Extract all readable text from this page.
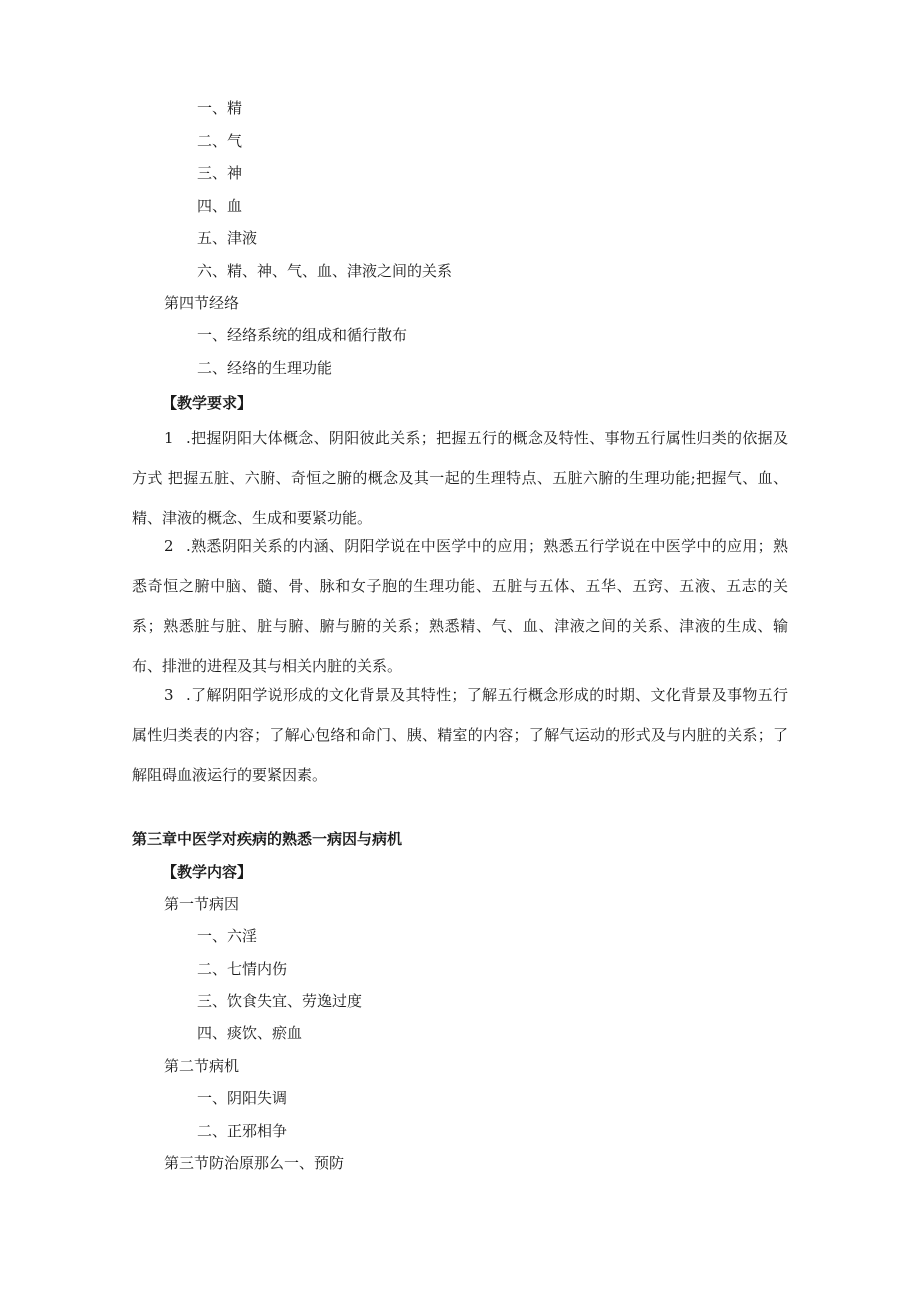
一、精
二、气
三、神
四、血
五、津液
六、精、神、气、血、津液之间的关系
第四节经络
一、经络系统的组成和循行散布
二、经络的生理功能
【教学要求】
1 .把握阴阳大体概念、阴阳彼此关系；把握五行的概念及特性、事物五行属性归类的依据及方式 把握五脏、六腑、奇恒之腑的概念及其一起的生理特点、五脏六腑的生理功能;把握气、血、精、津液的概念、生成和要紧功能。
2 .熟悉阴阳关系的内涵、阴阳学说在中医学中的应用；熟悉五行学说在中医学中的应用；熟悉奇恒之腑中脑、髓、骨、脉和女子胞的生理功能、五脏与五体、五华、五窍、五液、五志的关系；熟悉脏与脏、脏与腑、腑与腑的关系；熟悉精、气、血、津液之间的关系、津液的生成、输布、排泄的进程及其与相关内脏的关系。
3 .了解阴阳学说形成的文化背景及其特性；了解五行概念形成的时期、文化背景及事物五行属性归类表的内容；了解心包络和命门、胰、精室的内容；了解气运动的形式及与内脏的关系；了解阻碍血液运行的要紧因素。
第三章中医学对疾病的熟悉一病因与病机
【教学内容】
第一节病因
一、六淫
二、七情内伤
三、饮食失宜、劳逸过度
四、痰饮、瘀血
第二节病机
一、阴阳失调
二、正邪相争
第三节防治原那么一、预防
